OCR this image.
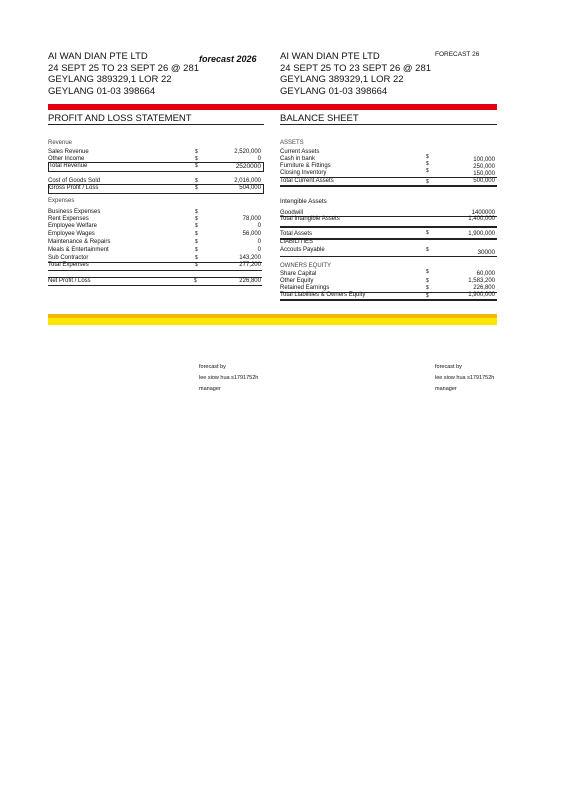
AI WAN DIAN PTE LTD
24 SEPT 25 TO 23 SEPT 26 @ 281
GEYLANG 389329,1 LOR 22
GEYLANG 01-03 398664
forecast 2026 AI WAN DIAN PTE LTD
24 SEPT 25 TO 23 SEPT 26 @ 281
GEYLANG 389329,1 LOR 22
GEYLANG 01-03 398664
FORECAST 26
PROFIT AND LOSS STATEMENT	BALANCE SHEET
Revenue
Sales Revenue	$	2,520,000
Other Income	$	0
Total Revenue	$	2520000
Cost of Goods Sold	$	2,016,000
Gross Profit / Loss	$	504,000
Expenses
Business Expenses	$
Rent Expenses	$	78,000
Employee Welfare	$	0
Employee Wages	$	56,000
Maintenance & Repairs	$	0
Meals & Entertainment	$	0
Sub Contractor	$	143,200
Total Expenses	$	277,200
Net Profit / Loss	$	226,800
ASSETS
Current Assets
Cash in bank	$	100,000
Furniture & Fittings	$	250,000
Closing Inventory	$	150,000
Total Current Assets	$	500,000
Intengible Assets
Goodwill	1400000
Total Intangible Assets	1,400,000
Total Assets	$	1,900,000
LIABILITIES
Accouts Payable	$	30000
OWNERS EQUITY
Share Capital	$	60,000
Other Equity	$	1,583,200
Retained Earnings	$	226,800
Total Liabilities & Owners Equity	$	1,900,000
forecast by
lee siow hua s1791752h
manager
forecast by
lee siow hua s1791752h
manager
